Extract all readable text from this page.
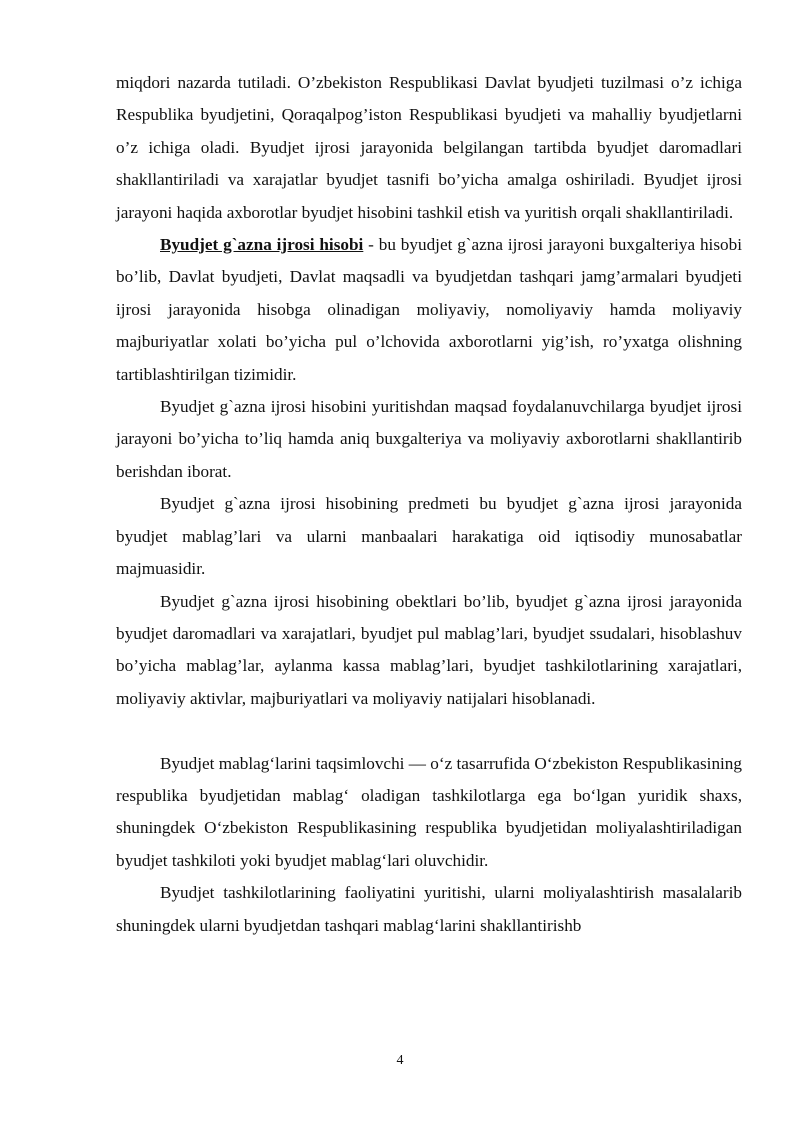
miqdori nazarda tutiladi. O’zbekiston Respublikasi Davlat byudjeti tuzilmasi o’z ichiga Respublika byudjetini, Qoraqalpog’iston Respublikasi byudjeti va mahalliy byudjetlarni o’z ichiga oladi. Byudjet ijrosi jarayonida belgilangan tartibda byudjet daromadlari shakllantiriladi va xarajatlar byudjet tasnifi bo’yicha amalga oshiriladi. Byudjet ijrosi jarayoni haqida axborotlar byudjet hisobini tashkil etish va yuritish orqali shakllantiriladi.

Byudjet g`azna ijrosi hisobi - bu byudjet g`azna ijrosi jarayoni buxgalteriya hisobi bo’lib, Davlat byudjeti, Davlat maqsadli va byudjetdan tashqari jamg’armalari byudjeti ijrosi jarayonida hisobga olinadigan moliyaviy, nomoliyaviy hamda moliyaviy majburiyatlar xolati bo’yicha pul o’lchovida axborotlarni yig’ish, ro’yxatga olishning tartiblashtirilgan tizimidir.

Byudjet g`azna ijrosi hisobini yuritishdan maqsad foydalanuvchilarga byudjet ijrosi jarayoni bo’yicha to’liq hamda aniq buxgalteriya va moliyaviy axborotlarni shakllantirib berishdan iborat.

Byudjet g`azna ijrosi hisobining predmeti bu byudjet g`azna ijrosi jarayonida byudjet mablag’lari va ularni manbaalari harakatiga oid iqtisodiy munosabatlar majmuasidir.

Byudjet g`azna ijrosi hisobining obektlari bo’lib, byudjet g`azna ijrosi jarayonida byudjet daromadlari va xarajatlari, byudjet pul mablag’lari, byudjet ssudalari, hisoblashuv bo’yicha mablag’lar, aylanma kassa mablag’lari, byudjet tashkilotlarining xarajatlari, moliyaviy aktivlar, majburiyatlari va moliyaviy natijalari hisoblanadi.

Byudjet mablag‘larini taqsimlovchi — o‘z tasarrufida O‘zbekiston Respublikasining respublika byudjetidan mablag‘ oladigan tashkilotlarga ega bo‘lgan yuridik shaxs, shuningdek O‘zbekiston Respublikasining respublika byudjetidan moliyalashtiriladigan byudjet tashkiloti yoki byudjet mablag‘lari oluvchidir.

Byudjet tashkilotlarining faoliyatini yuritishi, ularni moliyalashtirish masalalarib shuningdek ularni byudjetdan tashqari mablag‘larini shakllantirishb

4
